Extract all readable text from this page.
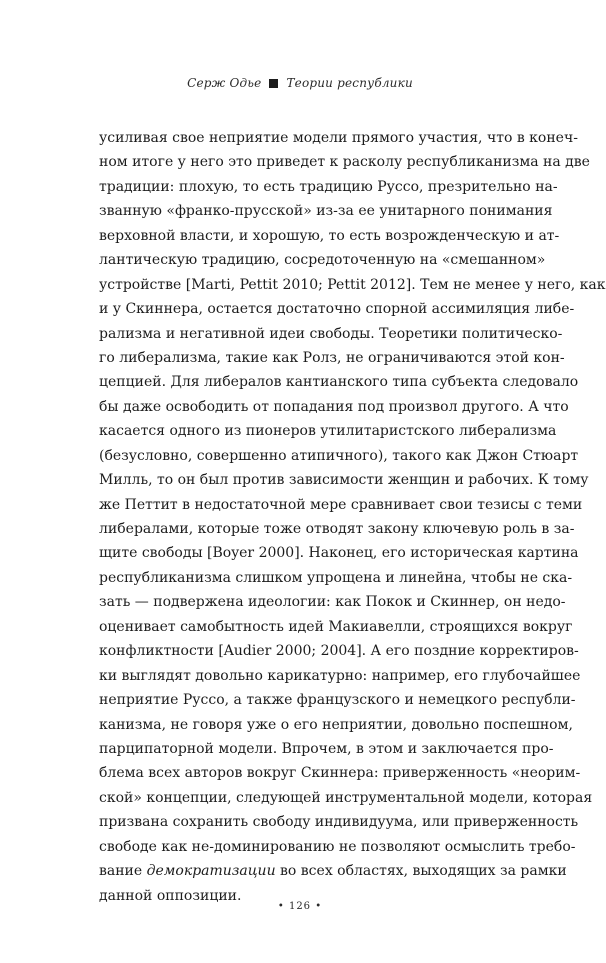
Серж Одье Теории республики
усиливая свое неприятие модели прямого участия, что в конеч-
ном итоге у него это приведет к расколу республиканизма на две
традиции: плохую, то есть традицию Руссо, презрительно на-
званную «франко-прусской» из-за ее унитарного понимания
верховной власти, и хорошую, то есть возрожденческую и ат-
лантическую традицию, сосредоточенную на «смешанном»
устройстве [Marti, Pettit 2010; Pettit 2012]. Тем не менее у него, как
и у Скиннера, остается достаточно спорной ассимиляция либе-
рализма и негативной идеи свободы. Теоретики политическо-
го либерализма, такие как Ролз, не ограничиваются этой кон-
цепцией. Для либералов кантианского типа субъекта следовало
бы даже освободить от попадания под произвол другого. А что
касается одного из пионеров утилитаристского либерализма
(безусловно, совершенно атипичного), такого как Джон Стюарт
Милль, то он был против зависимости женщин и рабочих. К тому
же Петтит в недостаточной мере сравнивает свои тезисы с теми
либералами, которые тоже отводят закону ключевую роль в за-
щите свободы [Boyer 2000]. Наконец, его историческая картина
республиканизма слишком упрощена и линейна, чтобы не ска-
зать — подвержена идеологии: как Покок и Скиннер, он недо-
оценивает самобытность идей Макиавелли, строящихся вокруг
конфликтности [Audier 2000; 2004]. А его поздние корректиров-
ки выглядят довольно карикатурно: например, его глубочайшее
неприятие Руссо, а также французского и немецкого республи-
канизма, не говоря уже о его неприятии, довольно поспешном,
парципаторной модели. Впрочем, в этом и заключается про-
блема всех авторов вокруг Скиннера: приверженность «неорим-
ской» концепции, следующей инструментальной модели, которая
призвана сохранить свободу индивидуума, или приверженность
свободе как не-доминированию не позволяют осмыслить требо-
вание демократизации во всех областях, выходящих за рамки
данной оппозиции.
• 126 •
